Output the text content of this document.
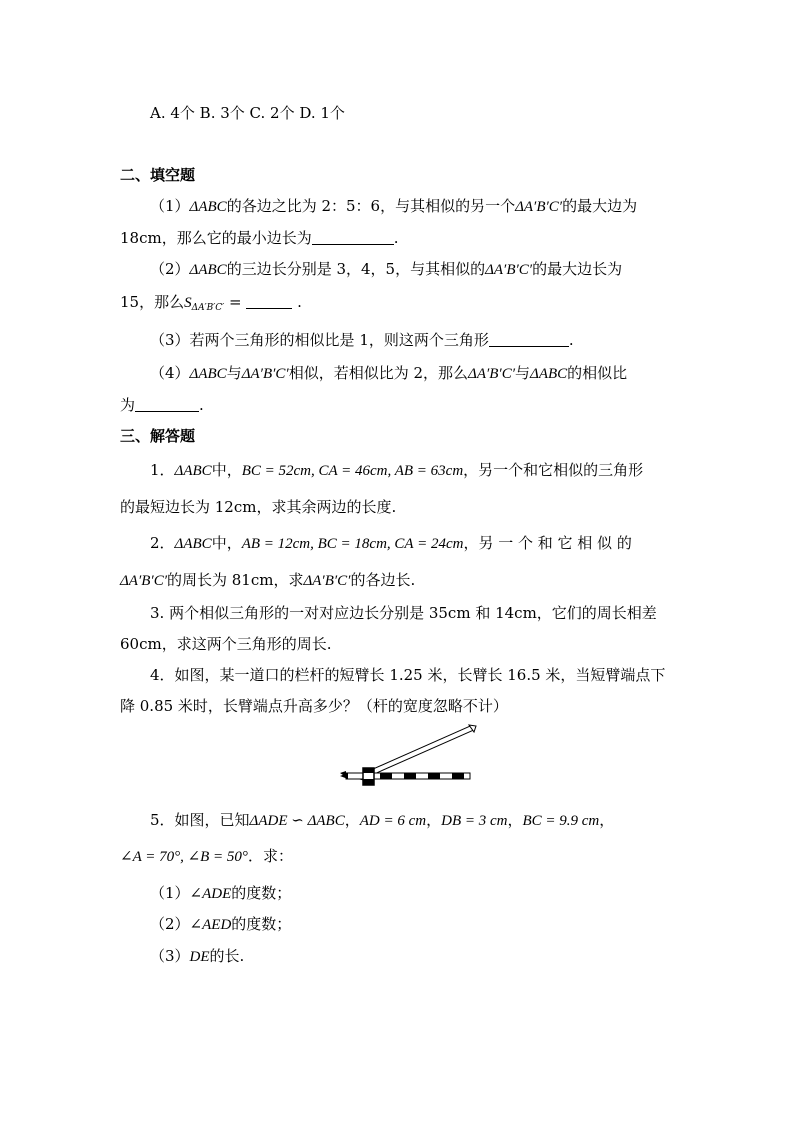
A. 4个 B. 3个 C. 2个 D. 1个
二、填空题
（1）ΔABC的各边之比为 2：5：6，与其相似的另一个ΔA′B′C′的最大边为
18cm，那么它的最小边长为	.
（2）ΔABC的三边长分别是 3，4，5，与其相似的ΔA′B′C′的最大边长为
15，那么$S_{\Delta A'B'C'}$ =	.
（3）若两个三角形的相似比是 1，则这两个三角形	.
（4）ΔABC与ΔA′B′C′相似，若相似比为 2，那么ΔA′B′C′与ΔABC的相似比
为	.
三、解答题
1．ΔABC中，BC = 52cm, CA = 46cm, AB = 63cm，另一个和它相似的三角形
的最短边长为 12cm，求其余两边的长度.
2．ΔABC中，AB = 12cm, BC = 18cm, CA = 24cm，另 一 个 和 它 相 似 的
ΔA′B′C′的周长为 81cm，求ΔA′B′C′的各边长.
3. 两个相似三角形的一对对应边长分别是 35cm 和 14cm，它们的周长相差
60cm，求这两个三角形的周长.
4．如图，某一道口的栏杆的短臂长 1.25 米，长臂长 16.5 米，当短臂端点下
降 0.85 米时，长臂端点升高多少？（杆的宽度忽略不计）
5．如图，已知ΔADE ∽ ΔABC，AD = 6 cm，DB = 3 cm，BC = 9.9 cm，
∠A = 70°, ∠B = 50°．求：
（1）∠ADE的度数；
（2）∠AED的度数；
（3）DE的长.
